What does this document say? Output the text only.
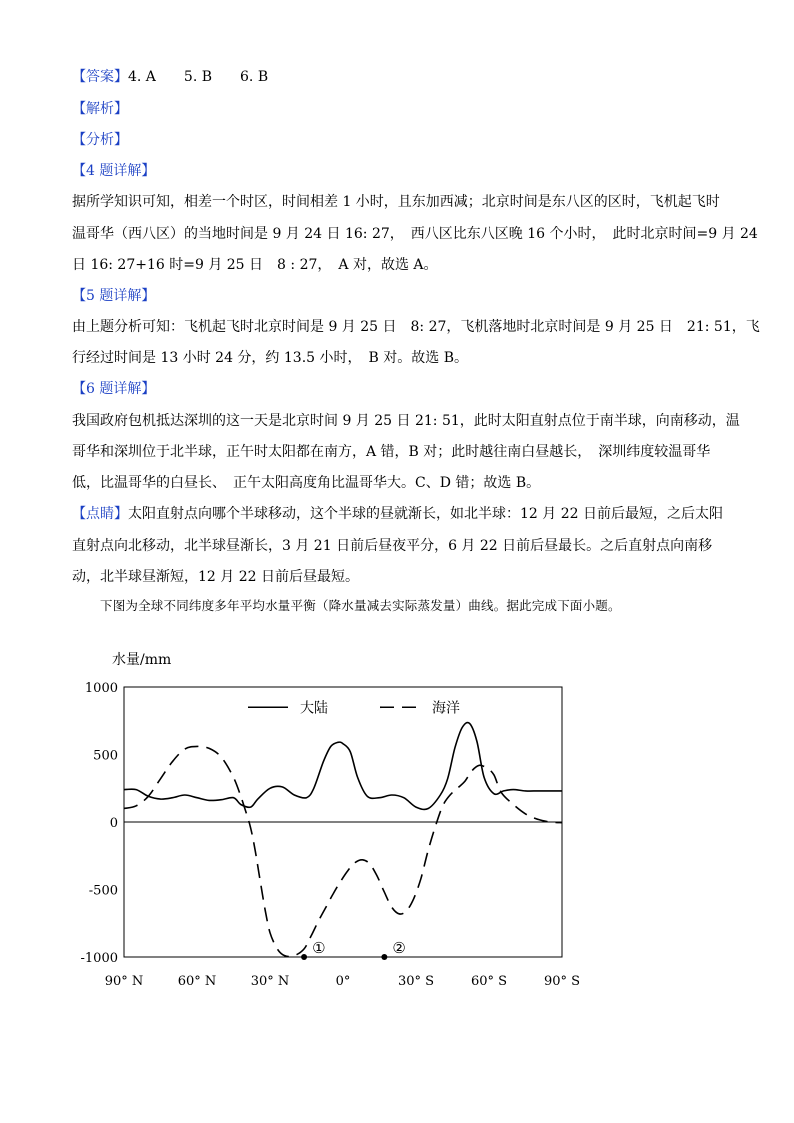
【答案】4. A　　5. B　　6. B
【解析】
【分析】
【4 题详解】
据所学知识可知，相差一个时区，时间相差 1 小时，且东加西减；北京时间是东八区的区时，飞机起飞时
温哥华（西八区）的当地时间是 9 月 24 日 16: 27，　西八区比东八区晚 16 个小时，　此时北京时间=9 月 24
日 16: 27+16 时=9 月 25 日　8 : 27，　A 对，故选 A。
【5 题详解】
由上题分析可知：飞机起飞时北京时间是 9 月 25 日　8: 27，飞机落地时北京时间是 9 月 25 日　21: 51，飞
行经过时间是 13 小时 24 分，约 13.5 小时，　B 对。故选 B。
【6 题详解】
我国政府包机抵达深圳的这一天是北京时间 9 月 25 日 21: 51，此时太阳直射点位于南半球，向南移动，温
哥华和深圳位于北半球，正午时太阳都在南方，A 错，B 对；此时越往南白昼越长，　深圳纬度较温哥华
低，比温哥华的白昼长、　正午太阳高度角比温哥华大。C、D 错；故选 B。
【点睛】太阳直射点向哪个半球移动，这个半球的昼就渐长，如北半球：12 月 22 日前后最短，之后太阳
直射点向北移动，北半球昼渐长，3 月 21 日前后昼夜平分，6 月 22 日前后昼最长。之后直射点向南移
动，北半球昼渐短，12 月 22 日前后昼最短。
下图为全球不同纬度多年平均水量平衡（降水量减去实际蒸发量）曲线。据此完成下面小题。
水量/mm
1000
500
0
-500
-1000
90° N	60° N	30° N	0°	30° S	60° S	90° S
大陆	海洋
①	②
